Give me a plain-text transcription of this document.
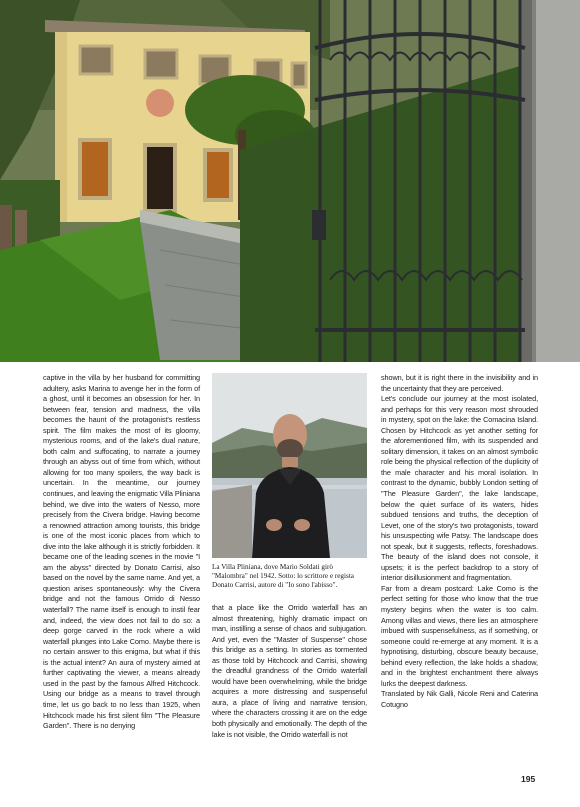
captive in the villa by her husband for committing adultery, asks Marina to avenge her in the form of a ghost, until it becomes an obsession for her. In between fear, tension and madness, the villa becomes the haunt of the protagonist's restless spirit. The film makes the most of its gloomy, mysterious rooms, and of the lake's dual nature, both calm and suffocating, to narrate a journey through an abyss out of time from which, without allowing for too many spoilers, the way back is uncertain. In the meantime, our journey continues, and leaving the enigmatic Villa Pliniana behind, we dive into the waters of Nesso, more precisely from the Civera bridge. Having become a renowned attraction among tourists, this bridge is one of the most iconic places from which to dive into the lake although it is strictly forbidden. It became one of the leading scenes in the movie "I am the abyss" directed by Donato Carrisi, also based on the novel by the same name. And yet, a question arises spontaneously: why the Civera bridge and not the famous Orrido di Nesso waterfall? The name itself is enough to instil fear and, indeed, the view does not fail to do so: a deep gorge carved in the rock where a wild waterfall plunges into Lake Como. Maybe there is no certain answer to this enigma, but what if this is the actual intent? An aura of mystery aimed at further captivating the viewer, a means already used in the past by the famous Alfred Hitchcock. Using our bridge as a means to travel through time, let us go back to no less than 1925, when Hitchcock made his first silent film "The Pleasure Garden". There is no denying

La Villa Pliniana, dove Mario Soldati girò "Malombra" nel 1942. Sotto: lo scrittore e regista Donato Carrisi, autore di "Io sono l'abisso".

that a place like the Orrido waterfall has an almost threatening, highly dramatic impact on man, instilling a sense of chaos and subjugation. And yet, even the "Master of Suspense" chose this bridge as a setting. In stories as tormented as those told by Hitchcock and Carrisi, showing the dreadful grandness of the Orrido waterfall would have been overwhelming, while the bridge acquires a more distressing and suspenseful aura, a place of living and narrative tension, where the characters crossing it are on the edge both physically and emotionally. The depth of the lake is not visible, the Orrido waterfall is not

shown, but it is right there in the invisibility and in the uncertainty that they are perceived.

Let's conclude our journey at the most isolated, and perhaps for this very reason most shrouded in mystery, spot on the lake: the Comacina Island. Chosen by Hitchcock as yet another setting for the aforementioned film, with its suspended and solitary dimension, it takes on an almost symbolic role being the physical reflection of the duplicity of the male character and his moral isolation. In contrast to the dynamic, bubbly London setting of "The Pleasure Garden", the lake landscape, below the quiet surface of its waters, hides subdued tensions and truths, the deception of Levet, one of the story's two protagonists, toward his unsuspecting wife Patsy. The landscape does not speak, but it suggests, reflects, foreshadows. The beauty of the island does not console, it upsets; it is the perfect backdrop to a story of interior disillusionment and fragmentation.

Far from a dream postcard: Lake Como is the perfect setting for those who know that the true mystery begins when the water is too calm. Among villas and views, there lies an atmosphere imbued with suspensefulness, as if something, or someone could re-emerge at any moment. It is a hypnotising, disturbing, obscure beauty because, behind every reflection, the lake holds a shadow, and in the brightest enchantment there always lurks the deepest darkness.

Translated by Nik Galli, Nicole Reni and Caterina Cotugno

195
